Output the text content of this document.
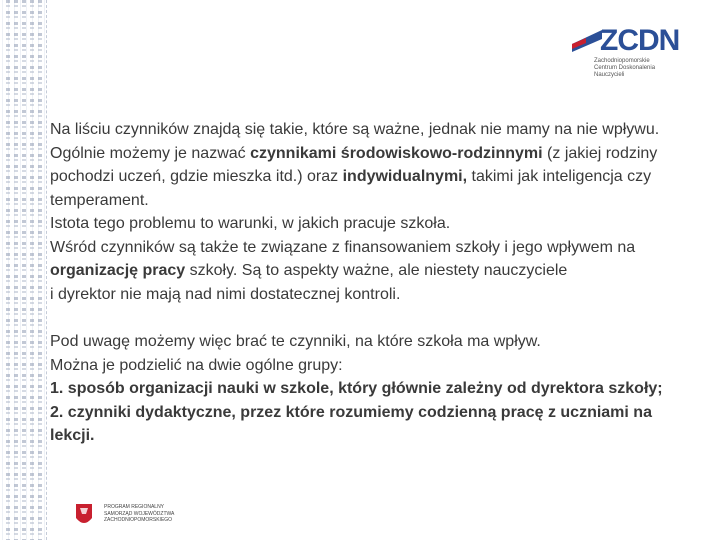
ZCDN
Zachodniopomorskie
Centrum Doskonalenia Nauczycieli

Na liściu czynników znajdą się takie, które są ważne, jednak nie mamy na nie wpływu. Ogólnie możemy je nazwać czynnikami środowiskowo-rodzinnymi (z jakiej rodziny pochodzi uczeń, gdzie mieszka itd.) oraz indywidualnymi, takimi jak inteligencja czy temperament.

Istota tego problemu to warunki, w jakich pracuje szkoła.

Wśród czynników są także te związane z finansowaniem szkoły i jego wpływem na organizację pracy szkoły. Są to aspekty ważne, ale niestety nauczyciele

i dyrektor nie mają nad nimi dostatecznej kontroli.

Pod uwagę możemy więc brać te czynniki, na które szkoła ma wpływ.

Można je podzielić na dwie ogólne grupy:

1. sposób organizacji nauki w szkole, który głównie zależny od dyrektora szkoły;

2. czynniki dydaktyczne, przez które rozumiemy codzienną pracę z uczniami na lekcji.

PROGRAM REGIONALNY
SAMORZĄD WOJEWÓDZTWA
ZACHODNIOPOMORSKIEGO
